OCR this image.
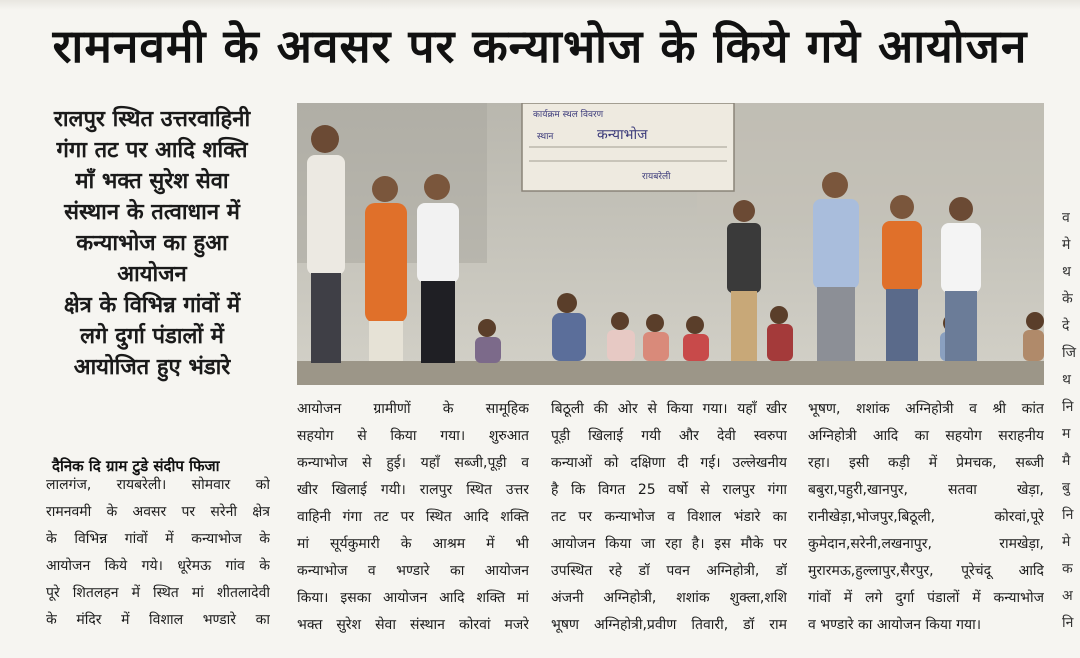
रामनवमी के अवसर पर कन्याभोज के किये गये आयोजन
रालपुर स्थित उत्तरवाहिनी
गंगा तट पर आदि शक्ति
माँ भक्त सुरेश सेवा
संस्थान के तत्वाधान में
कन्याभोज का हुआ
आयोजन
क्षेत्र के विभिन्न गांवों में
लगे दुर्गा पंडालों में
आयोजित हुए भंडारे
कार्यक्रम स्थल विवरण
स्थान	कन्याभोज
रायबरेली
दैनिक दि ग्राम टुडे संदीप फिजा
लालगंज, रायबरेली। सोमवार को
रामनवमी के अवसर पर सरेनी क्षेत्र
के विभिन्न गांवों में कन्याभोज के
आयोजन किये गये। धूरेमऊ गांव के
पूरे शितलहन में स्थित मां शीतलादेवी
के मंदिर में विशाल भण्डारे का
आयोजन ग्रामीणों के सामूहिक
सहयोग से किया गया। शुरुआत
कन्याभोज से हुई। यहाँ सब्जी,पूड़ी व
खीर खिलाई गयी। रालपुर स्थित उत्तर
वाहिनी गंगा तट पर स्थित आदि शक्ति
मां सूर्यकुमारी के आश्रम में भी
कन्याभोज व भण्डारे का आयोजन
किया। इसका आयोजन आदि शक्ति मां
भक्त सुरेश सेवा संस्थान कोरवां मजरे
बिठूली की ओर से किया गया। यहाँ खीर
पूड़ी खिलाई गयी और देवी स्वरुपा
कन्याओं को दक्षिणा दी गई। उल्लेखनीय
है कि विगत 25 वर्षो से रालपुर गंगा
तट पर कन्याभोज व विशाल भंडारे का
आयोजन किया जा रहा है। इस मौके पर
उपस्थित रहे डॉ पवन अग्निहोत्री, डॉ
अंजनी अग्निहोत्री, शशांक शुक्ला,शशि
भूषण अग्निहोत्री,प्रवीण तिवारी, डॉ राम
भूषण, शशांक अग्निहोत्री व श्री कांत
अग्निहोत्री आदि का सहयोग सराहनीय
रहा। इसी कड़ी में प्रेमचक, सब्जी
बबुरा,पहुरी,खानपुर, सतवा खेड़ा,
रानीखेड़ा,भोजपुर,बिठूली, कोरवां,पूरे
कुमेदान,सरेनी,लखनापुर, रामखेड़ा,
मुरारमऊ,हुल्लापुर,सैरपुर, पूरेचंदू आदि
गांवों में लगे दुर्गा पंडालों में कन्याभोज
व भण्डारे का आयोजन किया गया।
व
मे
थ
के
दे
जि
थ
नि
म
मै
बु
नि
मे
क
अ
नि
